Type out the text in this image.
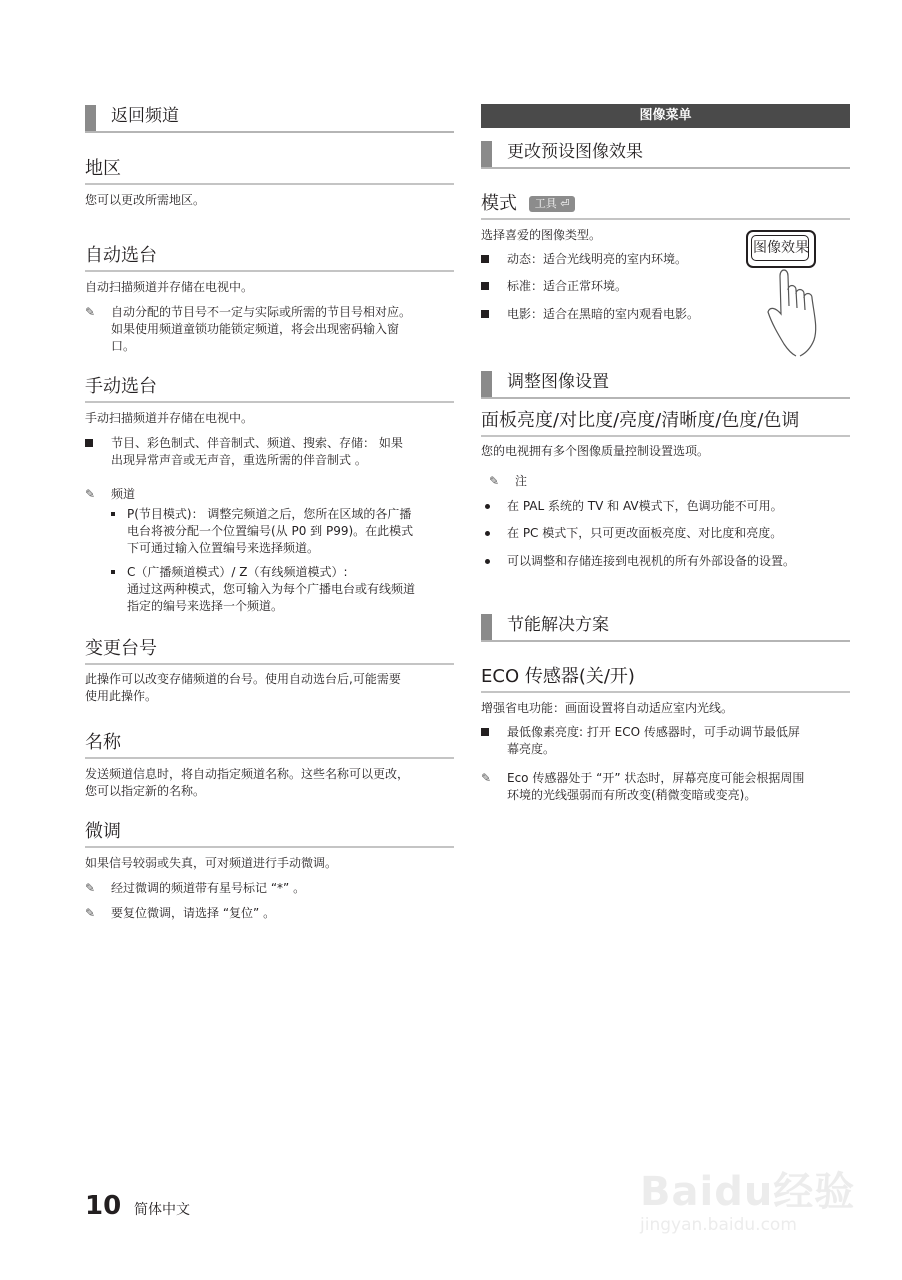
返回频道
地区
您可以更改所需地区。
自动选台
自动扫描频道并存储在电视中。
✎ 自动分配的节目号不一定与实际或所需的节目号相对应。
如果使用频道童锁功能锁定频道，将会出现密码输入窗
口。
手动选台
手动扫描频道并存储在电视中。
节目、彩色制式、伴音制式、频道、搜索、存储： 如果
出现异常声音或无声音，重选所需的伴音制式 。
✎ 频道
P(节目模式)： 调整完频道之后，您所在区域的各广播
电台将被分配一个位置编号(从 P0 到 P99)。在此模式
下可通过输入位置编号来选择频道。
C（广播频道模式）/ Z（有线频道模式）:
通过这两种模式，您可输入为每个广播电台或有线频道
指定的编号来选择一个频道。
变更台号
此操作可以改变存储频道的台号。使用自动选台后,可能需要
使用此操作。
名称
发送频道信息时，将自动指定频道名称。这些名称可以更改，
您可以指定新的名称。
微调
如果信号较弱或失真，可对频道进行手动微调。
✎ 经过微调的频道带有星号标记 “*” 。
✎ 要复位微调，请选择 “复位” 。
图像菜单
更改预设图像效果
模式 工具 ⏎
选择喜爱的图像类型。
动态：适合光线明亮的室内环境。
标准：适合正常环境。
电影：适合在黑暗的室内观看电影。
图像效果
调整图像设置
面板亮度/对比度/亮度/清晰度/色度/色调
您的电视拥有多个图像质量控制设置选项。
✎ 注
在 PAL 系统的 TV 和 AV模式下，色调功能不可用。
在 PC 模式下，只可更改面板亮度、对比度和亮度。
可以调整和存储连接到电视机的所有外部设备的设置。
节能解决方案
ECO 传感器(关/开)
增强省电功能：画面设置将自动适应室内光线。
最低像素亮度: 打开 ECO 传感器时，可手动调节最低屏
幕亮度。
✎ Eco 传感器处于 “开” 状态时，屏幕亮度可能会根据周围
环境的光线强弱而有所改变(稍微变暗或变亮)。
10 简体中文	Baidu经验
jingyan.baidu.com
